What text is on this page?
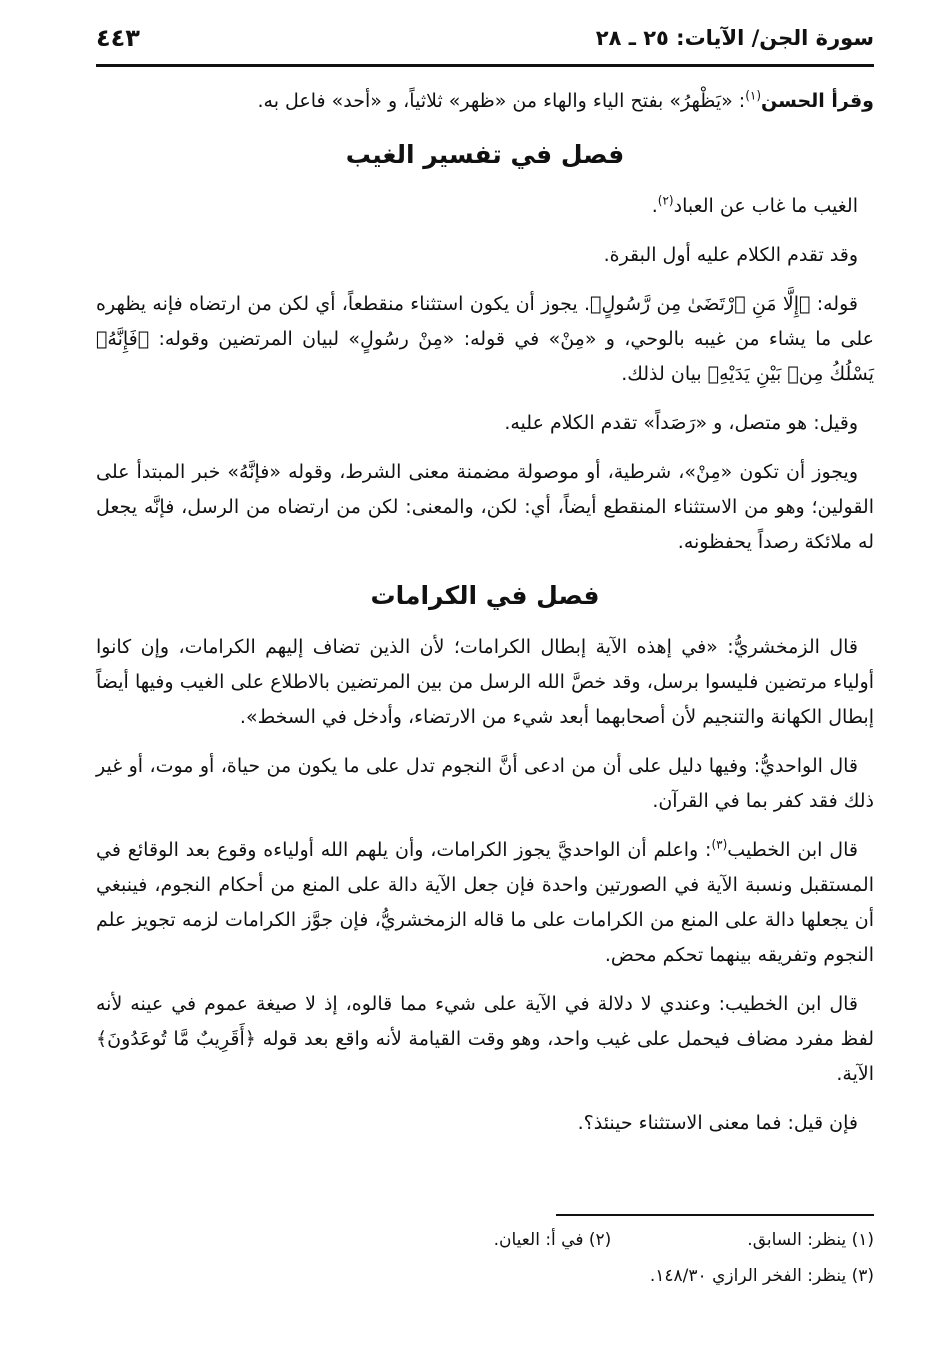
سورة الجن/ الآيات: ٢٥ ـ ٢٨
٤٤٣

وقرأ الحسن$^{(١)}$: «يَظْهرُ» بفتح الياء والهاء من «ظهر» ثلاثياً، و «أحد» فاعل به.

فصل في تفسير الغيب

الغيب ما غاب عن العباد$^{(٢)}$.

وقد تقدم الكلام عليه أول البقرة.

قوله: ﴿إِلَّا مَنِ ٱرْتَضَىٰ مِن رَّسُولٍ﴾. يجوز أن يكون استثناء منقطعاً، أي لكن من ارتضاه فإنه يظهره على ما يشاء من غيبه بالوحي، و «مِنْ» في قوله: «مِنْ رسُولٍ» لبيان المرتضين وقوله: ﴿فَإِنَّهُۥ يَسْلُكُ مِنۢ بَيْنِ يَدَيْهِ﴾ بيان لذلك.

وقيل: هو متصل، و «رَصَداً» تقدم الكلام عليه.

ويجوز أن تكون «مِنْ»، شرطية، أو موصولة مضمنة معنى الشرط، وقوله «فإنَّهُ» خبر المبتدأ على القولين؛ وهو من الاستثناء المنقطع أيضاً، أي: لكن، والمعنى: لكن من ارتضاه من الرسل، فإنَّه يجعل له ملائكة رصداً يحفظونه.

فصل في الكرامات

قال الزمخشريُّ: «في إهذه الآية إبطال الكرامات؛ لأن الذين تضاف إليهم الكرامات، وإن كانوا أولياء مرتضين فليسوا برسل، وقد خصَّ الله الرسل من بين المرتضين بالاطلاع على الغيب وفيها أيضاً إبطال الكهانة والتنجيم لأن أصحابهما أبعد شيء من الارتضاء، وأدخل في السخط».

قال الواحديُّ: وفيها دليل على أن من ادعى أنَّ النجوم تدل على ما يكون من حياة، أو موت، أو غير ذلك فقد كفر بما في القرآن.

قال ابن الخطيب$^{(٣)}$: واعلم أن الواحديَّ يجوز الكرامات، وأن يلهم الله أولياءه وقوع بعد الوقائع في المستقبل ونسبة الآية في الصورتين واحدة فإن جعل الآية دالة على المنع من أحكام النجوم، فينبغي أن يجعلها دالة على المنع من الكرامات على ما قاله الزمخشريُّ، فإن جوَّز الكرامات لزمه تجويز علم النجوم وتفريقه بينهما تحكم محض.

قال ابن الخطيب: وعندي لا دلالة في الآية على شيء مما قالوه، إذ لا صيغة عموم في عينه لأنه لفظ مفرد مضاف فيحمل على غيب واحد، وهو وقت القيامة لأنه واقع بعد قوله ﴿أَقَرِيبٌ مَّا تُوعَدُونَ﴾ الآية.

فإن قيل: فما معنى الاستثناء حينئذ؟.

(١) ينظر: السابق.
(٢) في أ: العيان.
(٣) ينظر: الفخر الرازي ١٤٨/٣٠.
